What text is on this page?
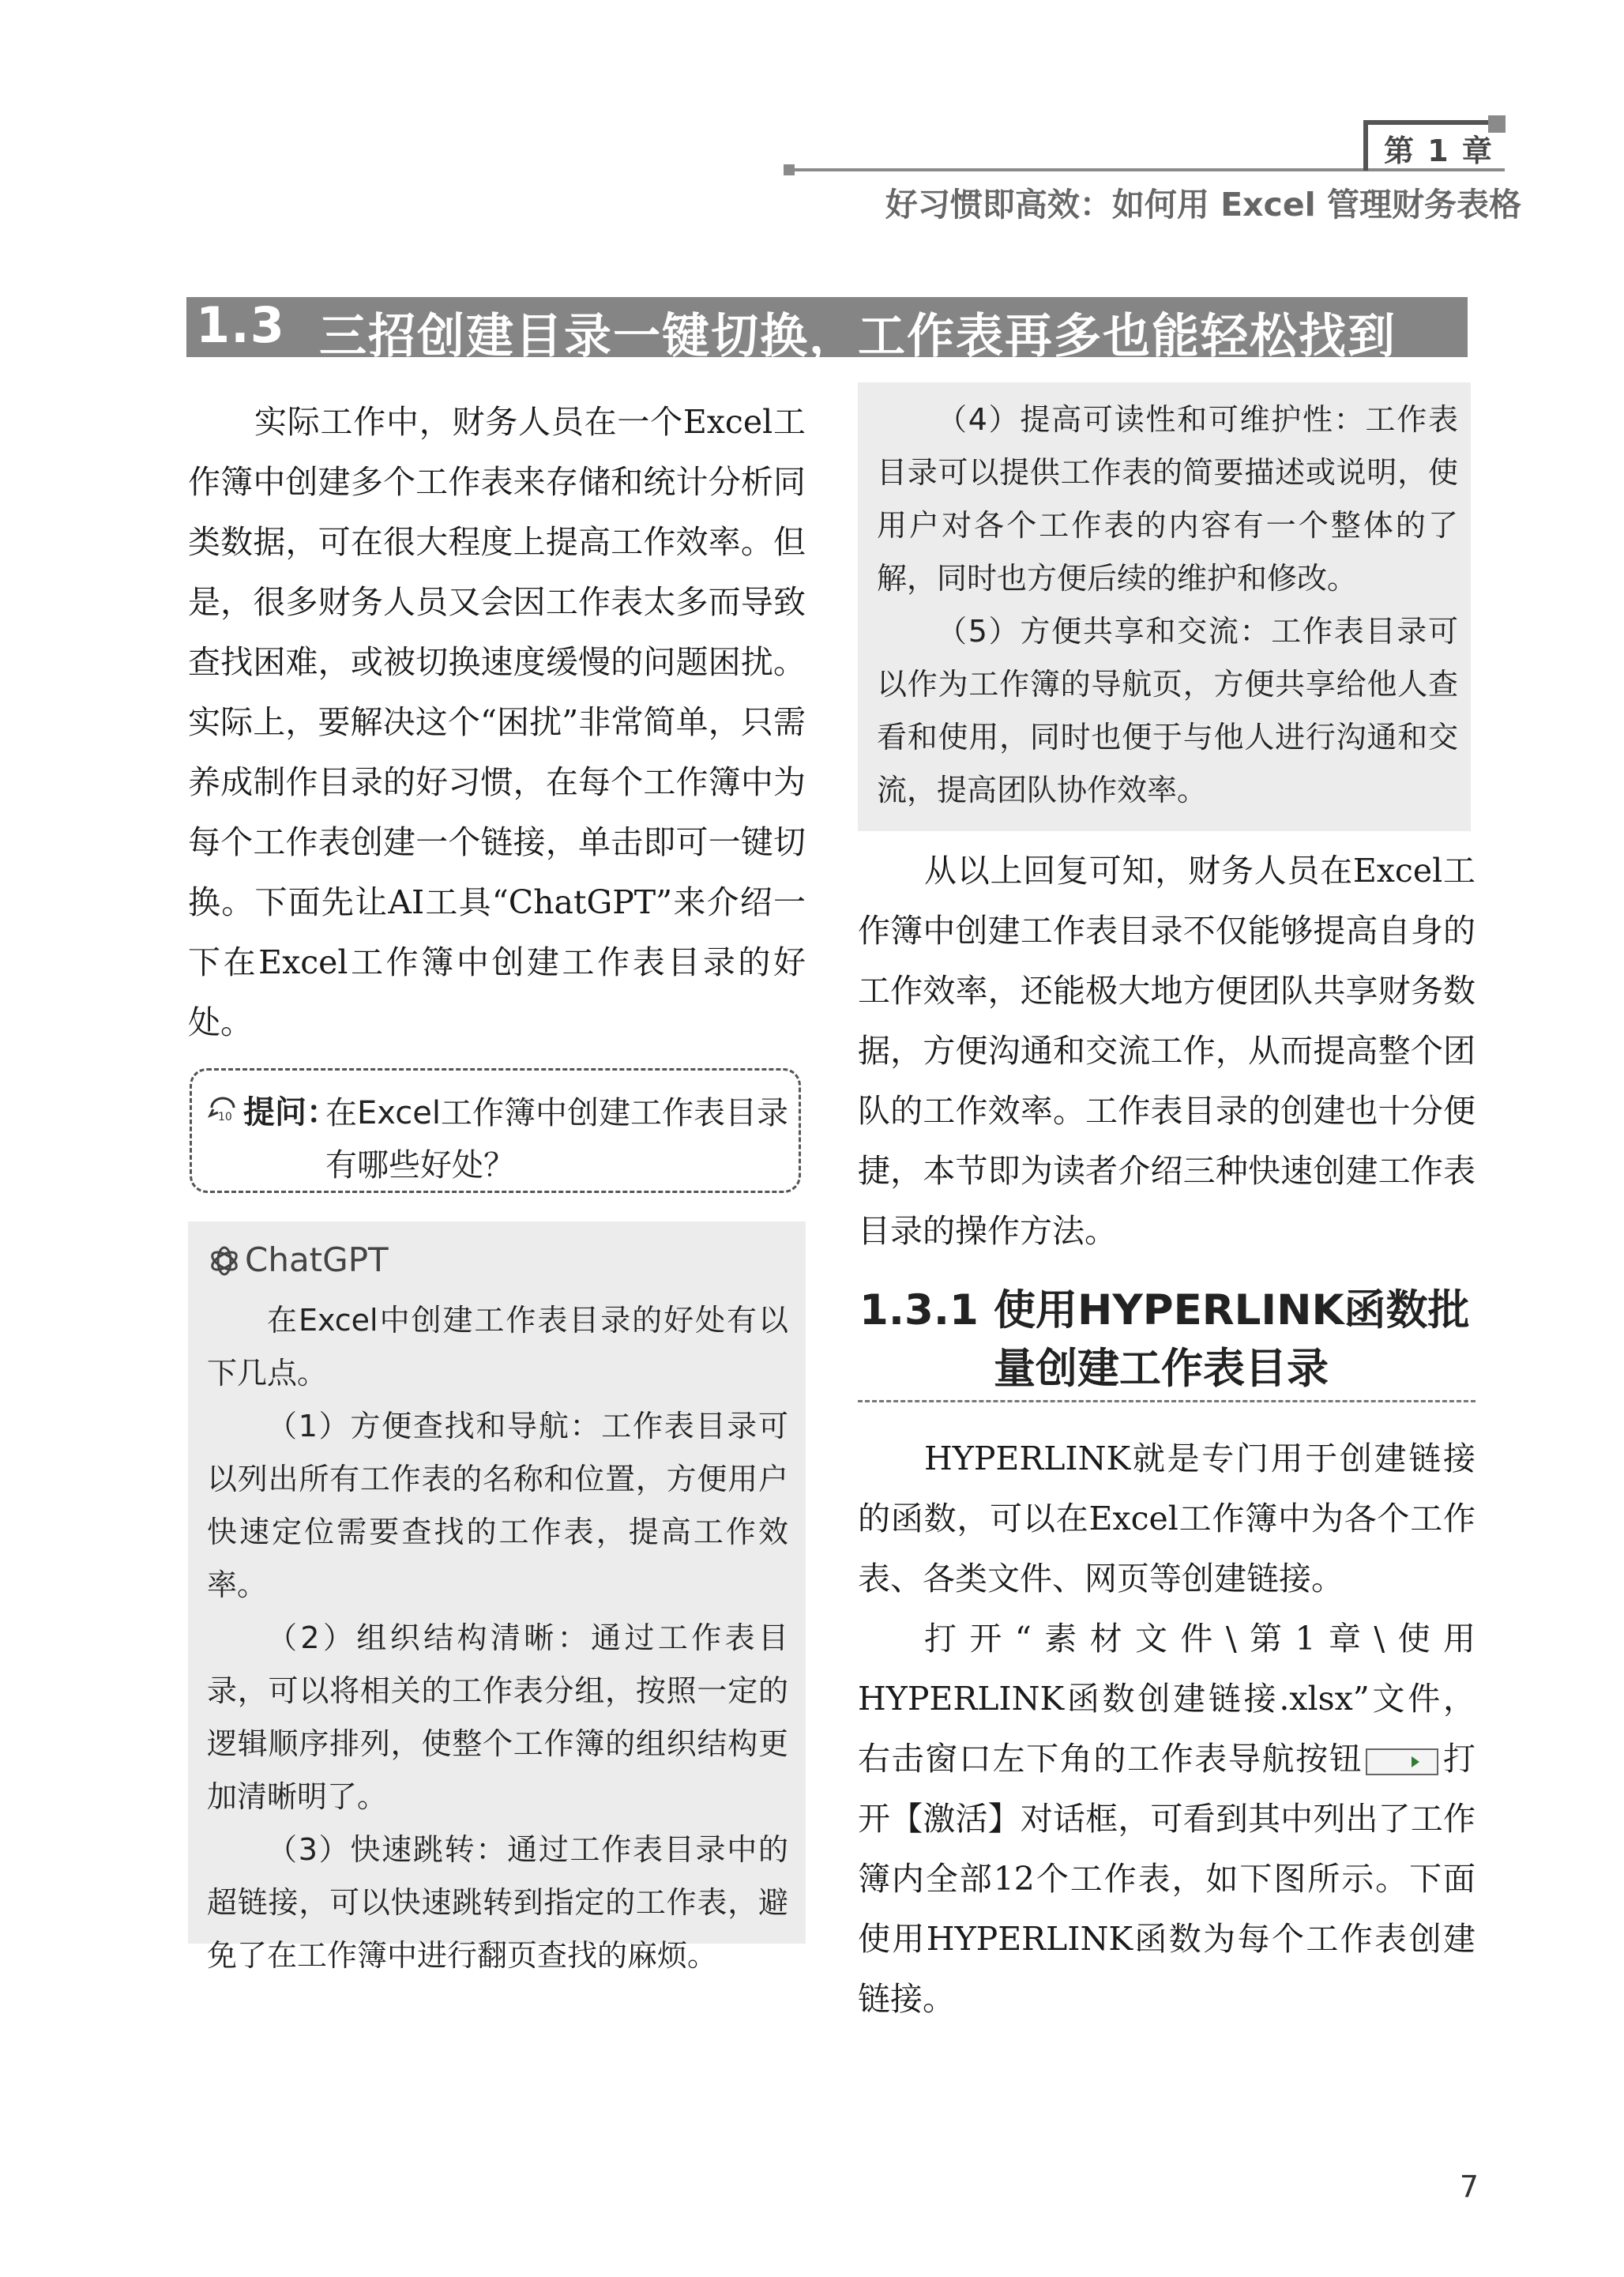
第 1 章
好习惯即高效：如何用 Excel 管理财务表格
1.3 三招创建目录一键切换，工作表再多也能轻松找到
实际工作中，财务人员在一个Excel工作簿中创建多个工作表来存储和统计分析同类数据，可在很大程度上提高工作效率。但是，很多财务人员又会因工作表太多而导致查找困难，或被切换速度缓慢的问题困扰。实际上，要解决这个“困扰”非常简单，只需养成制作目录的好习惯，在每个工作簿中为每个工作表创建一个链接，单击即可一键切换。下面先让AI工具“ChatGPT”来介绍一下在Excel工作簿中创建工作表目录的好处。
10 提问：
在Excel工作簿中创建工作表目录有哪些好处？
ChatGPT

在Excel中创建工作表目录的好处有以下几点。

（1）方便查找和导航：工作表目录可以列出所有工作表的名称和位置，方便用户快速定位需要查找的工作表，提高工作效率。

（2）组织结构清晰：通过工作表目录，可以将相关的工作表分组，按照一定的逻辑顺序排列，使整个工作簿的组织结构更加清晰明了。

（3）快速跳转：通过工作表目录中的超链接，可以快速跳转到指定的工作表，避免了在工作簿中进行翻页查找的麻烦。

（4）提高可读性和可维护性：工作表目录可以提供工作表的简要描述或说明，使用户对各个工作表的内容有一个整体的了解，同时也方便后续的维护和修改。

（5）方便共享和交流：工作表目录可以作为工作簿的导航页，方便共享给他人查看和使用，同时也便于与他人进行沟通和交流，提高团队协作效率。

从以上回复可知，财务人员在Excel工作簿中创建工作表目录不仅能够提高自身的工作效率，还能极大地方便团队共享财务数据，方便沟通和交流工作，从而提高整个团队的工作效率。工作表目录的创建也十分便捷，本节即为读者介绍三种快速创建工作表目录的操作方法。
1.3.1 使用HYPERLINK函数批量创建工作表目录

HYPERLINK就是专门用于创建链接的函数，可以在Excel工作簿中为各个工作表、各类文件、网页等创建链接。

打开“素材文件\第1章\使用HYPERLINK函数创建链接.xlsx”文件，右击窗口左下角的工作表导航按钮 打开【激活】对话框，可看到其中列出了工作簿内全部12个工作表，如下图所示。下面使用HYPERLINK函数为每个工作表创建链接。

7
